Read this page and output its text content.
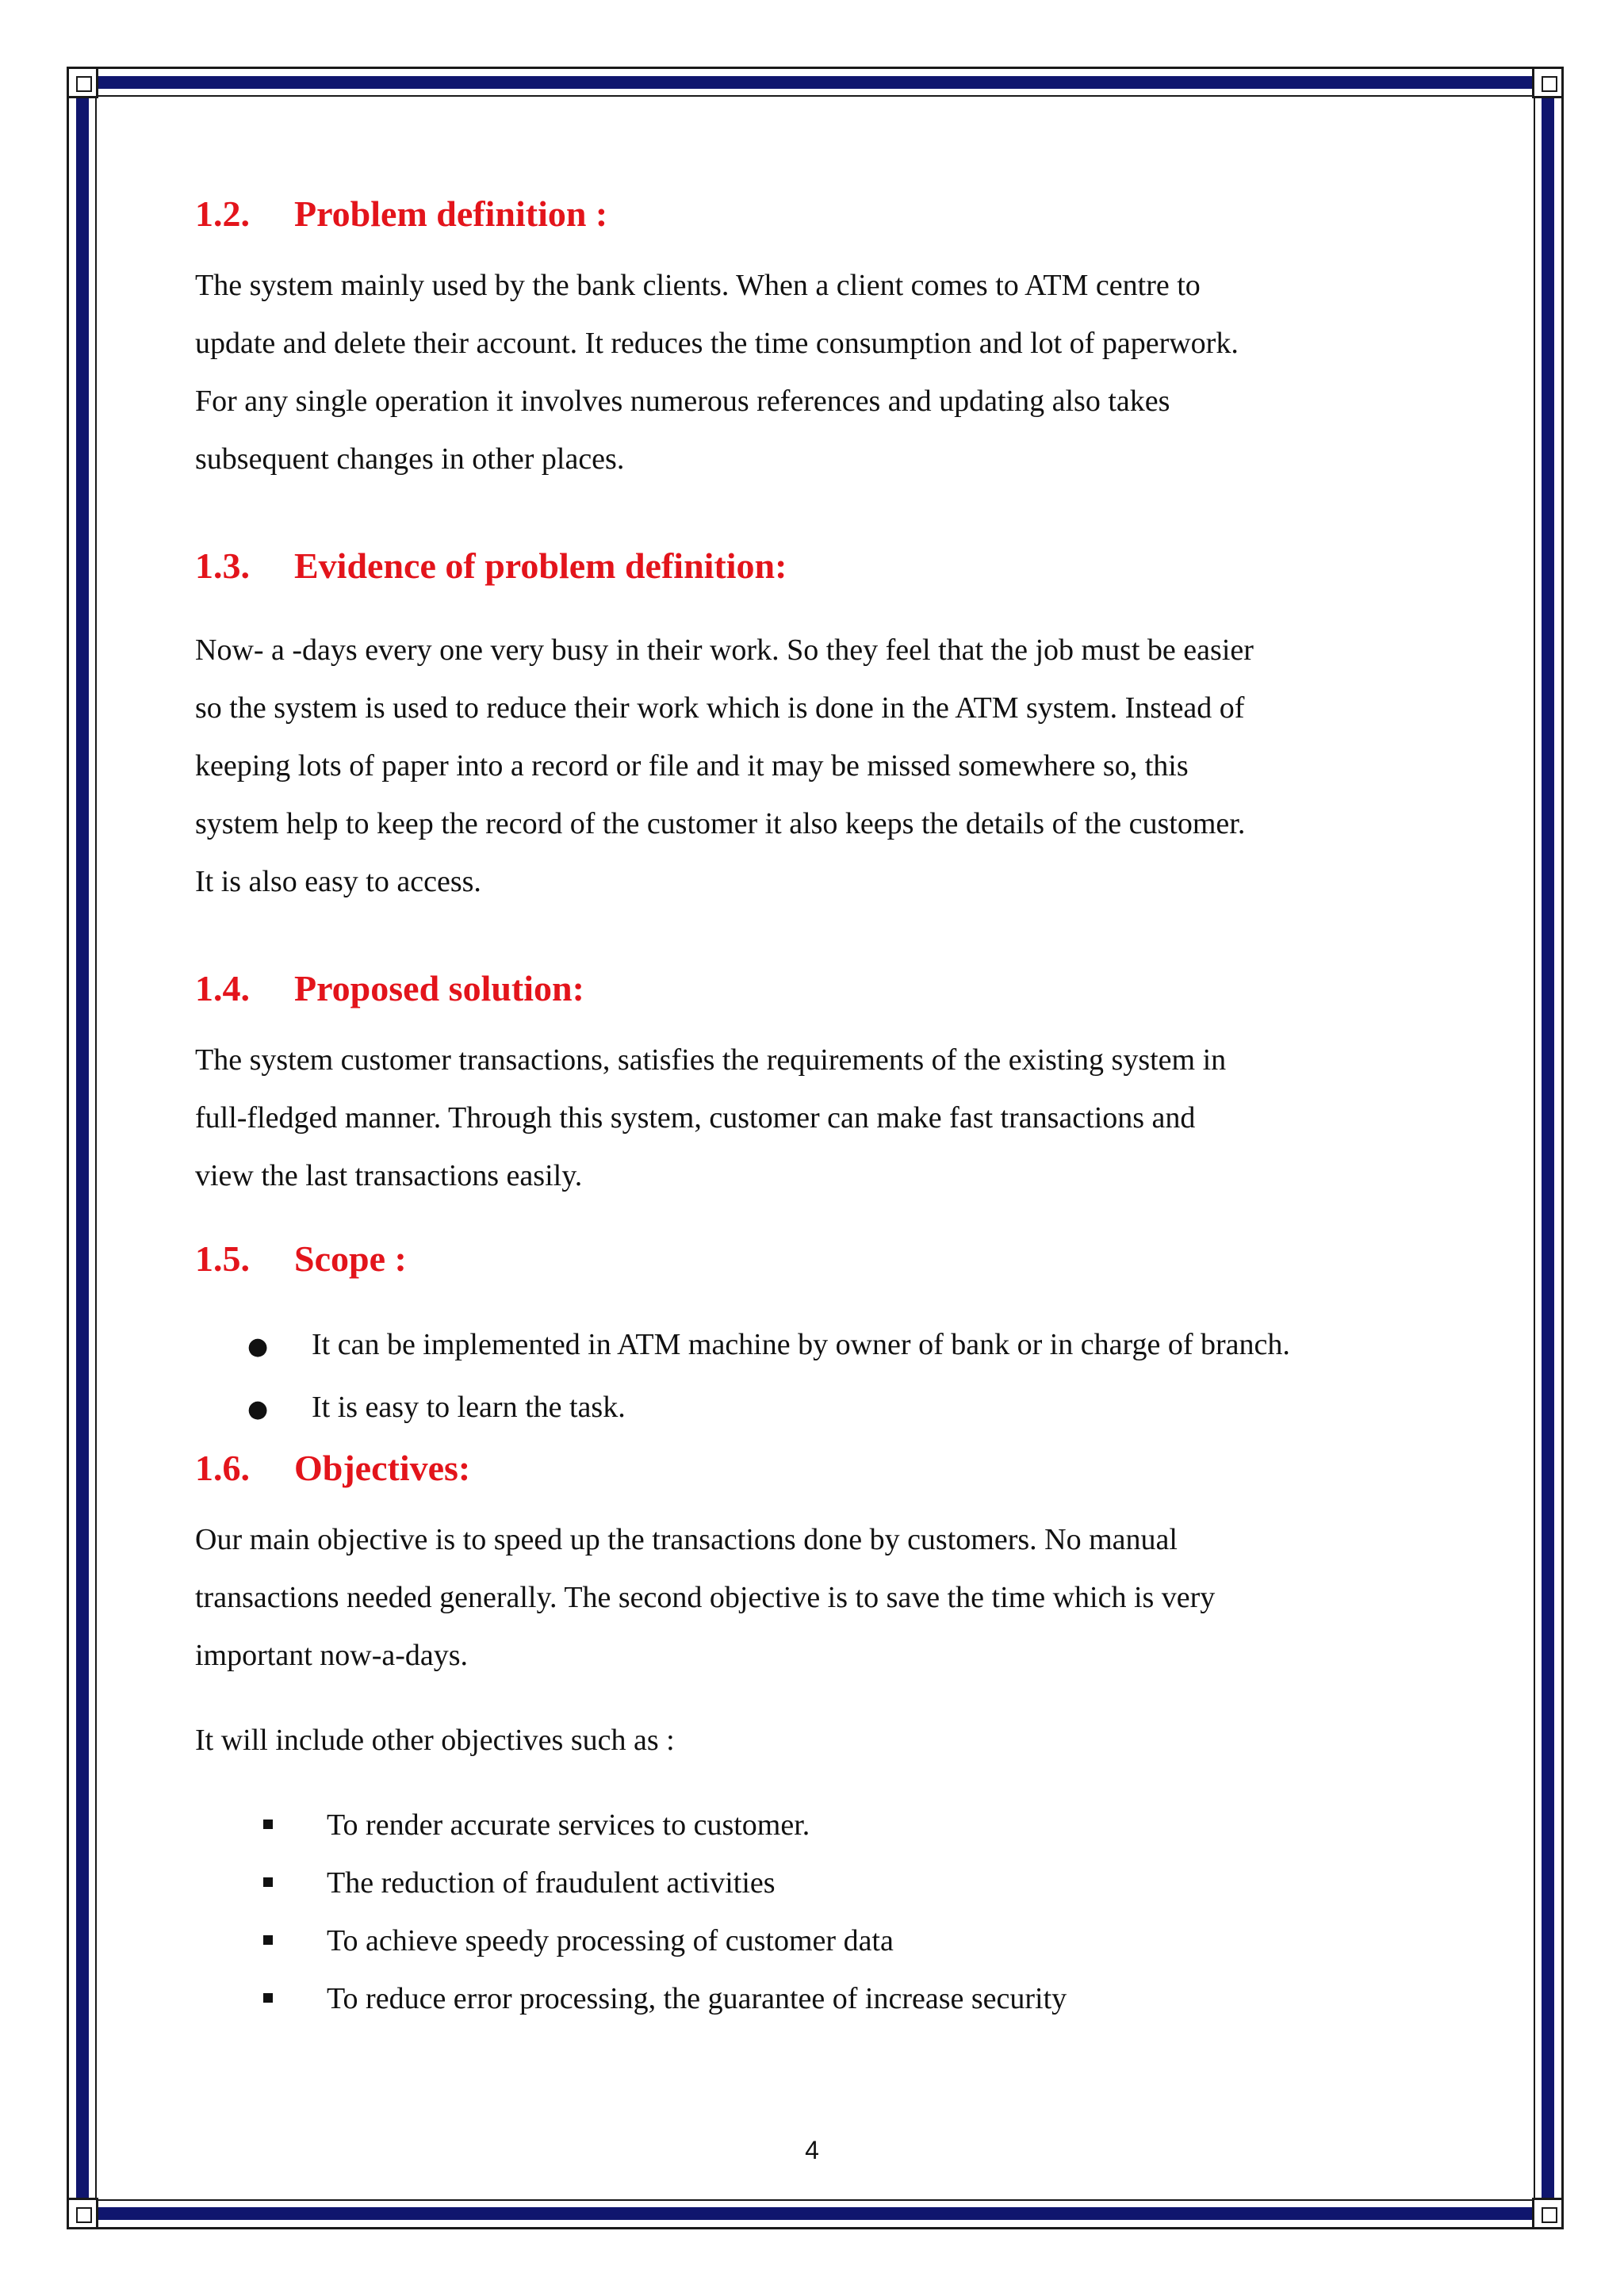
1.2.	Problem definition :

The system mainly used by the bank clients. When a client comes to ATM centre to

update and delete their account. It reduces the time consumption and lot of paperwork.

For any single operation it involves numerous references and updating also takes

subsequent changes in other places.

1.3.	Evidence of problem definition:

Now- a -days every one very busy in their work. So they feel that the job must be easier

so the system is used to reduce their work which is done in the ATM system. Instead of

keeping lots of paper into a record or file and it may be missed somewhere so, this

system help to keep the record of the customer it also keeps the details of the customer.

It is also easy to access.

1.4.	Proposed solution:

The system customer transactions, satisfies the requirements of the existing system in

full-fledged manner. Through this system, customer can make fast transactions and

view the last transactions easily.

1.5.	Scope :
●	It can be implemented in ATM machine by owner of bank or in charge of branch.
●	It is easy to learn the task.
1.6.	Objectives:

Our main objective is to speed up the transactions done by customers. No manual

transactions needed generally. The second objective is to save the time which is very

important now-a-days.

It will include other objectives such as :

To render accurate services to customer.
The reduction of fraudulent activities
To achieve speedy processing of customer data
To reduce error processing, the guarantee of increase security
4
